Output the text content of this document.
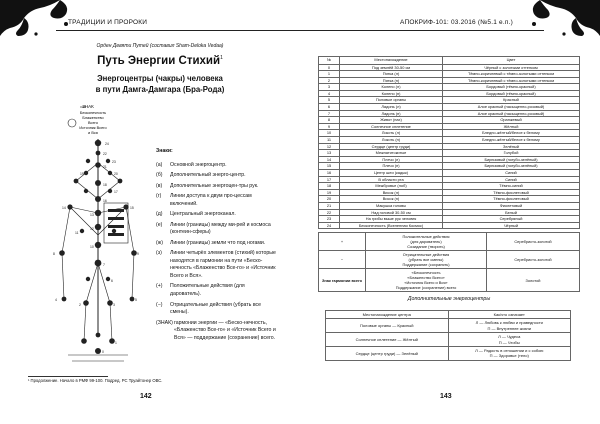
ТРАДИЦИИ И ПРОРОКИ
Орден Девяти Путей (составил Sham-Deloka Vedaa)
Путь Энергии Стихий$^1$
Энергоцентры (чакры) человека
в пути Дамга-Дамгара (Бра-Рода)
ЗНАК
Бесконечность
Блаженство
Всего
Источник Всего
и Вся
24
22
23
21
20
19
18
17
16
15
14
13
12
11
10
9
8
7
6
5
4
3
2
1
0
Знаки:
(а)	Основной энергоцентр.
(б)	Дополнительный энерго-центр.
(в)	Дополнительные энергоцен-тры рук.
(г)	Линии доступа к двум про-цессам включений.
(д)	Центральный энергоканал.
(е)	Линии (границы) между ми-рей и космоса (контеин-сферы)
(ж)	Линии (границы) земли что под ногами.
(з)	Линии четырёх элементов (стихий) которые находятся в гармонии на пути «Беско-нечность «Блаженство Все-го» и «Источник Всего и Вся».
(+)	Положительные действия (для дарователь).
(−)	Отрицательные действия (убрать все смены).
(ЗНАК) гармонии энергии — «Беско-нечность, «Блаженство Все-го» и «Источник Всего и Вся» — поддержание (сохранение) всего.
¹ Продолжение. Начало в РМФ 99-100. Подред. РС Труайтонер ОВС.
142
АПОКРИФ-101: 03.2016 (№5.1 е.п.)
143
№	Местонахождение	Цвет
0	Под землёй 30-50 см	Чёрный с золотыми оттенком
1	Пятка (л)	Тёмно-коричневый с тёмно-золотыми оттенком
2	Пятка (п)	Тёмно-коричневый с тёмно-золотыми оттенком
3	Колено (л)	Бордовый (тёмно-красный)
4	Колено (п)	Бордовый (тёмно-красный)
5	Половые органы	Красный
6	Ладонь (л)	Алое красный (насыщенно-розовый)
7	Ладонь (п)	Алое красный (насыщенно-розовый)
8	Живот (пах)	Оранжевый
9	Солнечное сплетение	Жёлтый
10	Локоть (л)	Бледно-жёлтый/белое к белому
11	Локоть (п)	Бледно-жёлтый/белое к белому
12	Сердце (центр груди)	Зелёный
13	Межпатитокитые	Голубой
14	Плечо (л)	Бирюзовый (голубо-зелёный)
15	Плечо (п)	Бирюзовый (голубо-зелёный)
16	Центр шеи (кадык)	Синий
17	В области рта	Синий
18	Межбровье (лоб)	Тёмно-синий
19	Висок (л)	Тёмно-фиолетовый
20	Висок (п)	Тёмно-фиолетовый
21	Макушка головы	Фиолетовый
22	Над головой 30-50 см	Белый
23	На грибы выше рук человек	Серебряный
24	Бесконечность (Вселенная Космос)	Чёрный

+	Положительные действия
(для дарователь)
Созидание (творить)	Серебристо-золотой
−	Отрицательные действия
(убрать все смены)
Поддержание (сохранять)	Серебристо-золотой
Знак гармонии всего	«Бесконечность
«Блаженство Всего»
«Источник Всего и Вся»
Поддержание (сохранение) всего	Золотой
Дополнительные энергоцентры
Местонахождение центра	Как/что означает
Половые органы — Красный	Л — Любовь к любви и праведности
П — Внутреннее жизни

Солнечное сплетение — Жёлтый	Л — Чудеса
П — Чтобы

Сердце (центр груди) — Зелёный	Л — Радость в отношении и с собою
П — Здоровье (тело)
